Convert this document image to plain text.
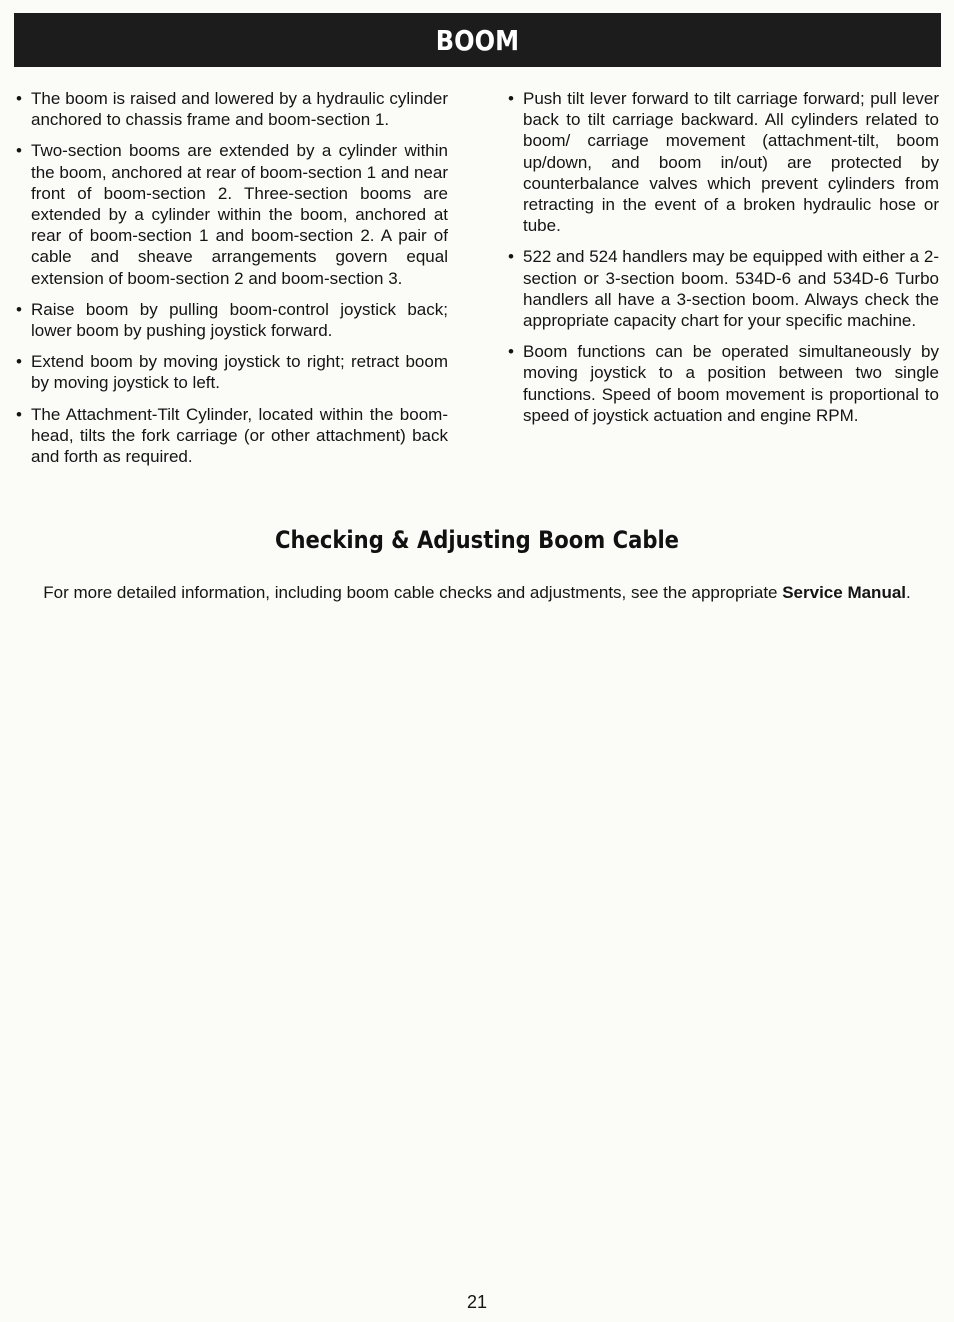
BOOM
• The boom is raised and lowered by a hydraulic cylinder anchored to chassis frame and boom-section 1.
• Two-section booms are extended by a cylinder within the boom, anchored at rear of boom-section 1 and near front of boom-section 2. Three-section booms are extended by a cylinder within the boom, anchored at rear of boom-section 1 and boom-section 2. A pair of cable and sheave arrangements govern equal extension of boom-section 2 and boom-section 3.
• Raise boom by pulling boom-control joystick back; lower boom by pushing joystick forward.
• Extend boom by moving joystick to right; retract boom by moving joystick to left.
• The Attachment-Tilt Cylinder, located within the boom-head, tilts the fork carriage (or other attachment) back and forth as required.
• Push tilt lever forward to tilt carriage forward; pull lever back to tilt carriage backward. All cylinders related to boom/ carriage movement (attachment-tilt, boom up/down, and boom in/out) are protected by counterbalance valves which prevent cylinders from retracting in the event of a broken hydraulic hose or tube.
• 522 and 524 handlers may be equipped with either a 2-section or 3-section boom. 534D-6 and 534D-6 Turbo handlers all have a 3-section boom. Always check the appropriate capacity chart for your specific machine.
• Boom functions can be operated simultaneously by moving joystick to a position between two single functions. Speed of boom movement is proportional to speed of joystick actuation and engine RPM.
Checking & Adjusting Boom Cable

For more detailed information, including boom cable checks and adjustments, see the appropriate Service Manual.

21
